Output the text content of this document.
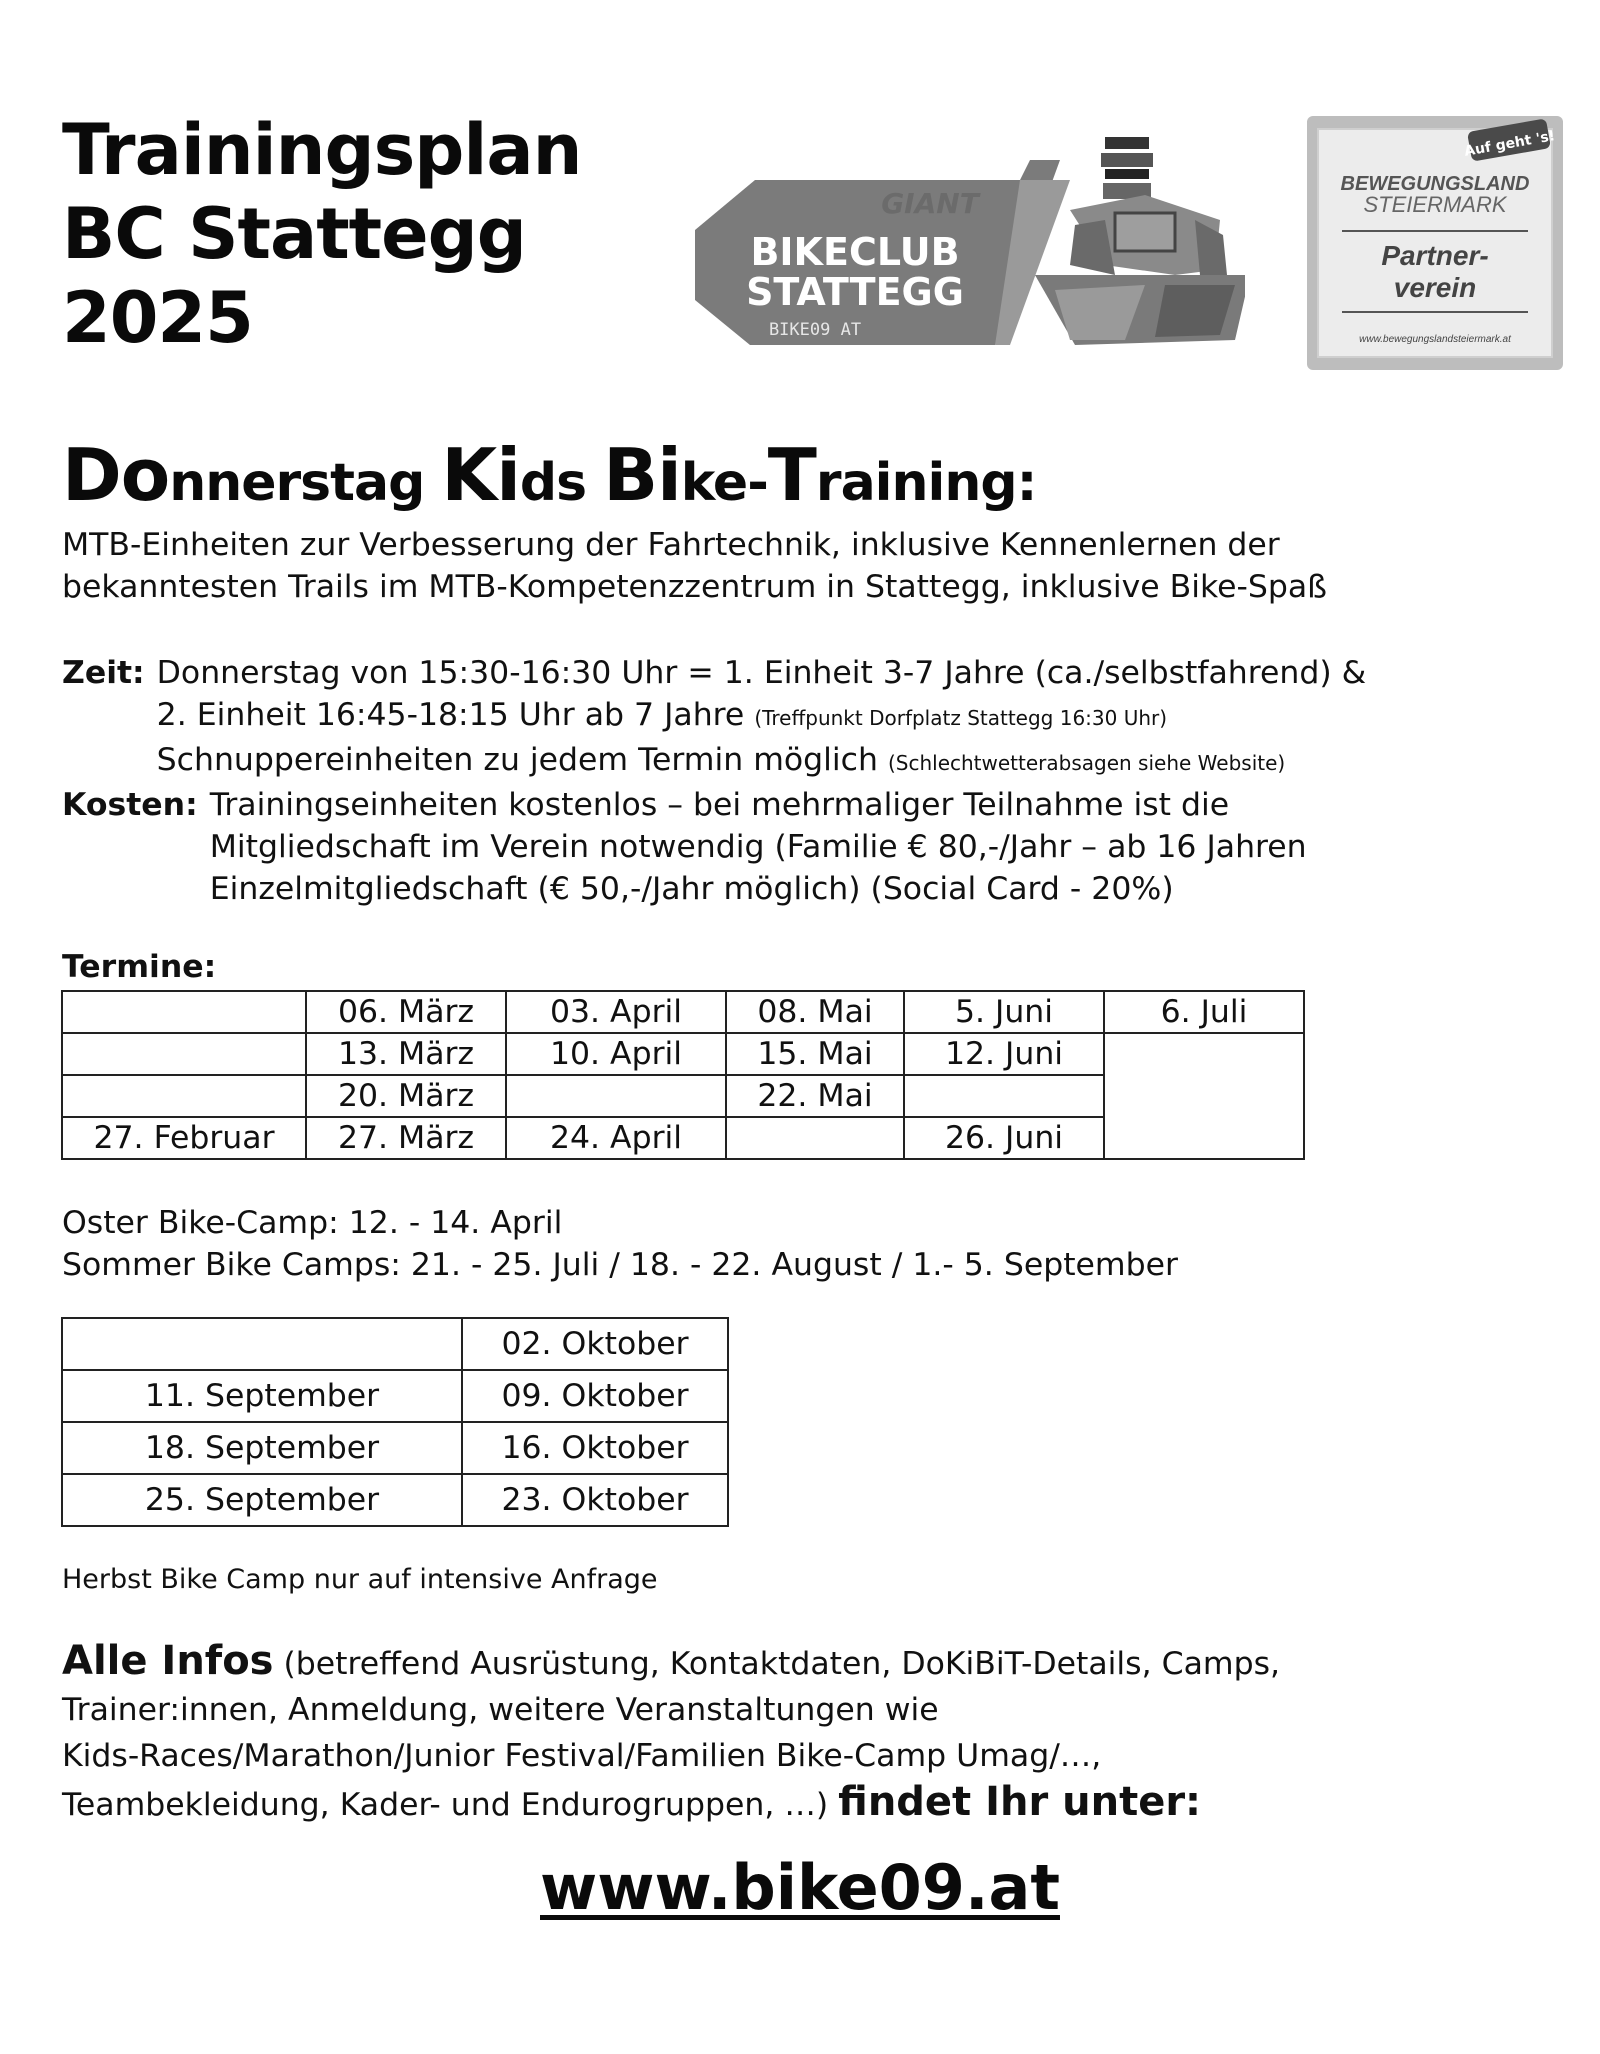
Trainingsplan
BC Stattegg
2025
GIANT
BIKECLUB
STATTEGG
BIKE09 AT
Auf geht 's!
BEWEGUNGSLAND
STEIERMARK
Partner-
verein
www.bewegungslandsteiermark.at
Donnerstag Kids Bike-Training:

MTB-Einheiten zur Verbesserung der Fahrtechnik, inklusive Kennenlernen der
bekanntesten Trails im MTB-Kompetenzzentrum in Stattegg, inklusive Bike-Spaß

Zeit: Donnerstag von 15:30-16:30 Uhr = 1. Einheit 3-7 Jahre (ca./selbstfahrend) &
2. Einheit 16:45-18:15 Uhr ab 7 Jahre (Treffpunkt Dorfplatz Stattegg 16:30 Uhr)
Schnuppereinheiten zu jedem Termin möglich (Schlechtwetterabsagen siehe Website)
Kosten: Trainingseinheiten kostenlos – bei mehrmaliger Teilnahme ist die
Mitgliedschaft im Verein notwendig (Familie € 80,-/Jahr – ab 16 Jahren
Einzelmitgliedschaft (€ 50,-/Jahr möglich) (Social Card - 20%)
Termine:
	06. März	03. April	08. Mai	5. Juni	6. Juli
	13. März	10. April	15. Mai	12. Juni	
	20. März		22. Mai		
27. Februar	27. März	24. April		26. Juni	
Oster Bike-Camp: 12. - 14. April
Sommer Bike Camps: 21. - 25. Juli / 18. - 22. August / 1.- 5. September
	02. Oktober
11. September	09. Oktober
18. September	16. Oktober
25. September	23. Oktober
Herbst Bike Camp nur auf intensive Anfrage
Alle Infos (betreffend Ausrüstung, Kontaktdaten, DoKiBiT-Details, Camps,
Trainer:innen, Anmeldung, weitere Veranstaltungen wie
Kids-Races/Marathon/Junior Festival/Familien Bike-Camp Umag/…,
Teambekleidung, Kader- und Endurogruppen, …) findet Ihr unter:
www.bike09.at
